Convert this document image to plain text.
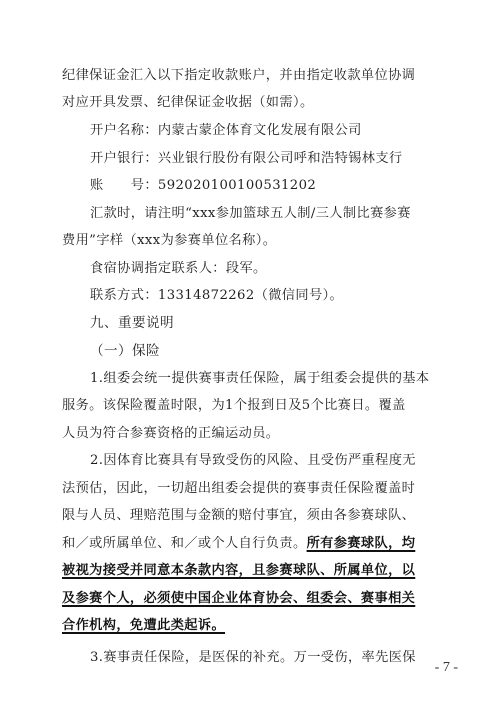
纪律保证金汇入以下指定收款账户，并由指定收款单位协调
对应开具发票、纪律保证金收据（如需）。
开户名称：内蒙古蒙企体育文化发展有限公司
开户银行：兴业银行股份有限公司呼和浩特锡林支行
账　　号：592020100100531202
汇款时，请注明“xxx参加篮球五人制/三人制比赛参赛
费用”字样（xxx为参赛单位名称）。
食宿协调指定联系人：段军。
联系方式：13314872262（微信同号）。
九、重要说明
（一）保险
1.组委会统一提供赛事责任保险，属于组委会提供的基本
服务。该保险覆盖时限，为1个报到日及5个比赛日。覆盖
人员为符合参赛资格的正编运动员。
2.因体育比赛具有导致受伤的风险、且受伤严重程度无
法预估，因此，一切超出组委会提供的赛事责任保险覆盖时
限与人员、理赔范围与金额的赔付事宜，须由各参赛球队、
和／或所属单位、和／或个人自行负责。所有参赛球队，均
被视为接受并同意本条款内容，且参赛球队、所属单位，以
及参赛个人，必须使中国企业体育协会、组委会、赛事相关
合作机构，免遭此类起诉。
3.赛事责任保险，是医保的补充。万一受伤，率先医保
- 7 -
